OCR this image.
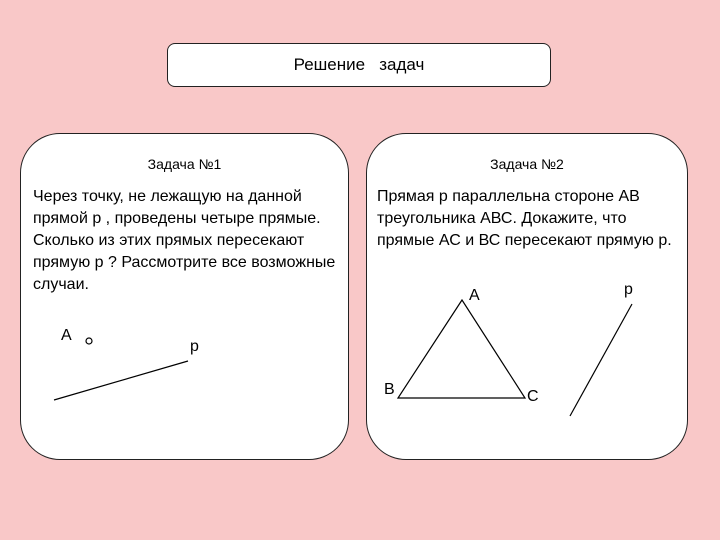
Решение   задач
Задача №1
Через точку, не лежащую на данной прямой р , проведены четыре прямые. Сколько из этих прямых пересекают прямую р ? Рассмотрите все возможные случаи.
Задача №2
Прямая р параллельна стороне АВ треугольника АВС. Докажите, что прямые АС и ВС пересекают прямую р.
А
р
А
В	С
р
